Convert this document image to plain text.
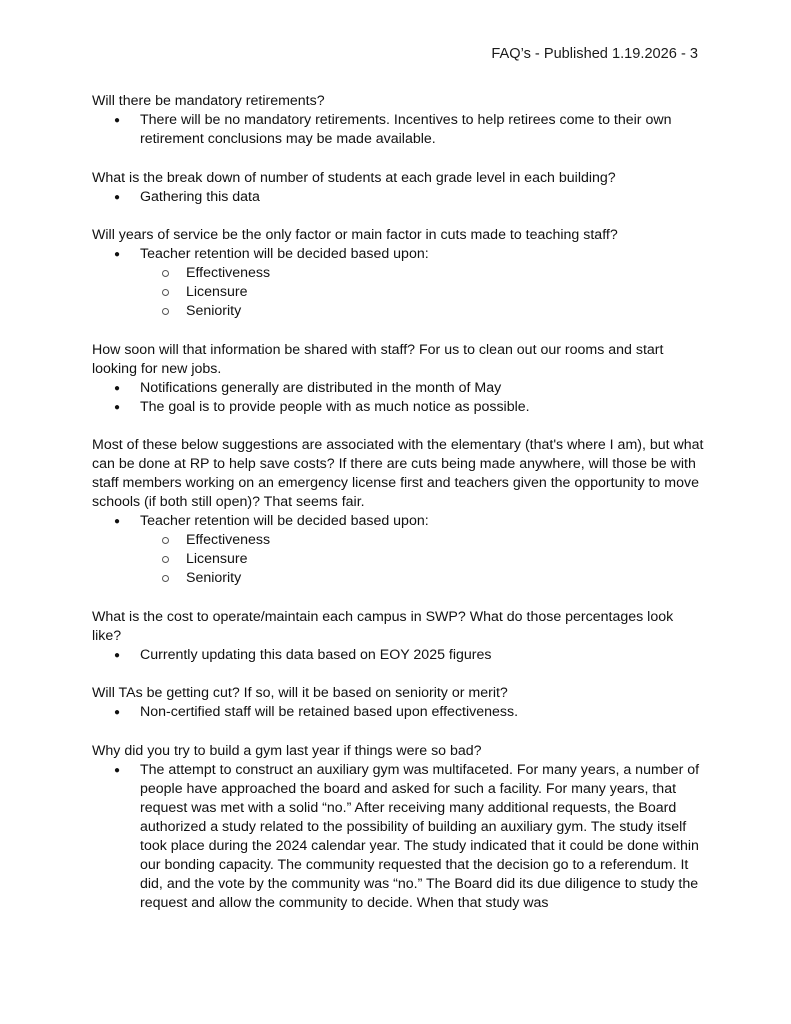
FAQ’s - Published 1.19.2026 - 3

Will there be mandatory retirements?

● There will be no mandatory retirements. Incentives to help retirees come to their own retirement conclusions may be made available.

What is the break down of number of students at each grade level in each building?

● Gathering this data

Will years of service be the only factor or main factor in cuts made to teaching staff?

● Teacher retention will be decided based upon:
Effectiveness
Licensure
Seniority

How soon will that information be shared with staff? For us to clean out our rooms and start looking for new jobs.

● Notifications generally are distributed in the month of May
● The goal is to provide people with as much notice as possible.

Most of these below suggestions are associated with the elementary (that's where I am), but what can be done at RP to help save costs? If there are cuts being made anywhere, will those be with staff members working on an emergency license first and teachers given the opportunity to move schools (if both still open)? That seems fair.

● Teacher retention will be decided based upon:
Effectiveness
Licensure
Seniority

What is the cost to operate/maintain each campus in SWP? What do those percentages look like?

● Currently updating this data based on EOY 2025 figures

Will TAs be getting cut? If so, will it be based on seniority or merit?

● Non-certified staff will be retained based upon effectiveness.

Why did you try to build a gym last year if things were so bad?

● The attempt to construct an auxiliary gym was multifaceted. For many years, a number of people have approached the board and asked for such a facility. For many years, that request was met with a solid “no.” After receiving many additional requests, the Board authorized a study related to the possibility of building an auxiliary gym. The study itself took place during the 2024 calendar year. The study indicated that it could be done within our bonding capacity. The community requested that the decision go to a referendum. It did, and the vote by the community was “no.” The Board did its due diligence to study the request and allow the community to decide. When that study was
